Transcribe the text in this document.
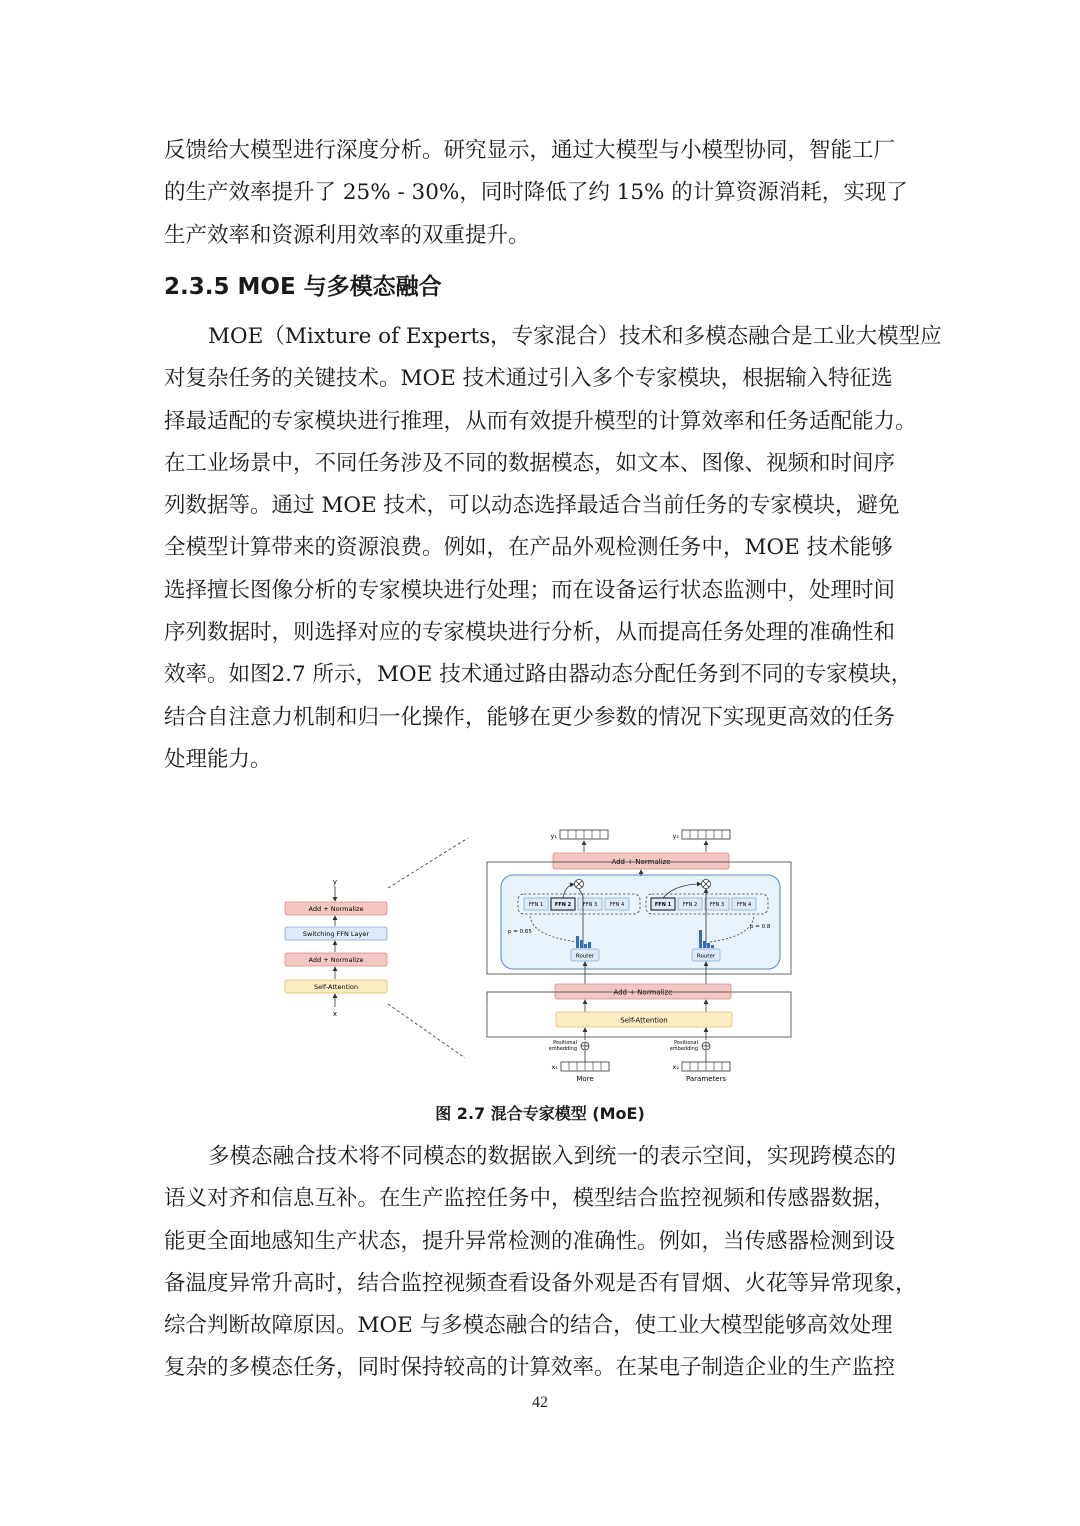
反馈给大模型进行深度分析。研究显示，通过大模型与小模型协同，智能工厂
的生产效率提升了 25% - 30%，同时降低了约 15% 的计算资源消耗，实现了
生产效率和资源利用效率的双重提升。

2.3.5 MOE 与多模态融合

MOE（Mixture of Experts，专家混合）技术和多模态融合是工业大模型应
对复杂任务的关键技术。MOE 技术通过引入多个专家模块，根据输入特征选
择最适配的专家模块进行推理，从而有效提升模型的计算效率和任务适配能力。
在工业场景中，不同任务涉及不同的数据模态，如文本、图像、视频和时间序
列数据等。通过 MOE 技术，可以动态选择最适合当前任务的专家模块，避免
全模型计算带来的资源浪费。例如，在产品外观检测任务中，MOE 技术能够
选择擅长图像分析的专家模块进行处理；而在设备运行状态监测中，处理时间
序列数据时，则选择对应的专家模块进行分析，从而提高任务处理的准确性和
效率。如图2.7 所示，MOE 技术通过路由器动态分配任务到不同的专家模块，
结合自注意力机制和归一化操作，能够在更少参数的情况下实现更高效的任务
处理能力。

y
Add + Normalize
Switching FFN Layer
Add + Normalize
Self-Attention
x
y₁	y₂
Add + Normalize
FFN 1 FFN 2 FFN 3	FFN 4	FFN 1 FFN 2	FFN 3	FFN 4
p = 0.65
p = 0.8
Router	Router
Add + Normalize
Self-Attention
Positional
embedding
Positional
embedding
x₁	x₂
More	Parameters
图 2.7 混合专家模型 (MoE)

多模态融合技术将不同模态的数据嵌入到统一的表示空间，实现跨模态的
语义对齐和信息互补。在生产监控任务中，模型结合监控视频和传感器数据，
能更全面地感知生产状态，提升异常检测的准确性。例如，当传感器检测到设
备温度异常升高时，结合监控视频查看设备外观是否有冒烟、火花等异常现象，
综合判断故障原因。MOE 与多模态融合的结合，使工业大模型能够高效处理
复杂的多模态任务，同时保持较高的计算效率。在某电子制造企业的生产监控

42
